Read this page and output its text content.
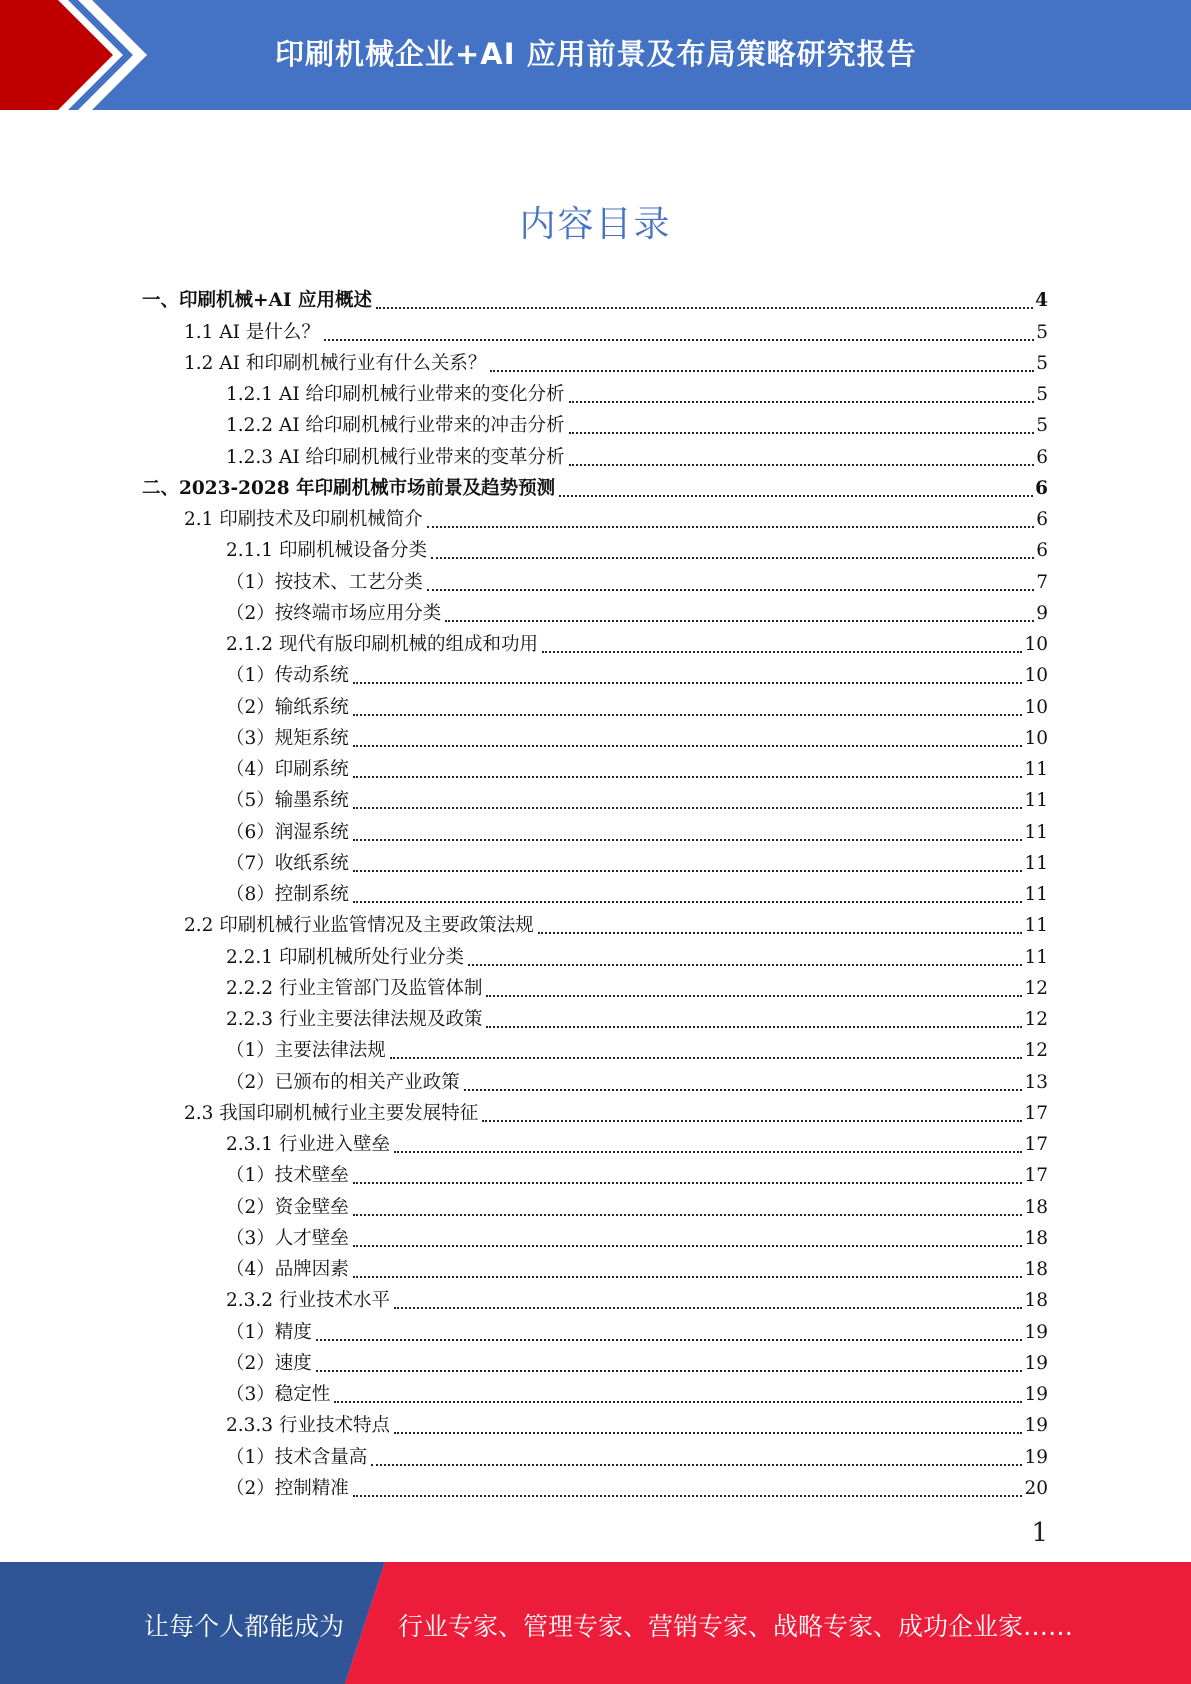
印刷机械企业+AI 应用前景及布局策略研究报告
内容目录
一、印刷机械+AI 应用概述	4
1.1 AI 是什么？	5
1.2 AI 和印刷机械行业有什么关系？	5
1.2.1 AI 给印刷机械行业带来的变化分析	5
1.2.2 AI 给印刷机械行业带来的冲击分析	5
1.2.3 AI 给印刷机械行业带来的变革分析	6
二、2023-2028 年印刷机械市场前景及趋势预测	6
2.1 印刷技术及印刷机械简介	6
2.1.1 印刷机械设备分类	6
（1）按技术、工艺分类	7
（2）按终端市场应用分类	9
2.1.2 现代有版印刷机械的组成和功用	10
（1）传动系统	10
（2）输纸系统	10
（3）规矩系统	10
（4）印刷系统	11
（5）输墨系统	11
（6）润湿系统	11
（7）收纸系统	11
（8）控制系统	11
2.2 印刷机械行业监管情况及主要政策法规	11
2.2.1 印刷机械所处行业分类	11
2.2.2 行业主管部门及监管体制	12
2.2.3 行业主要法律法规及政策	12
（1）主要法律法规	12
（2）已颁布的相关产业政策	13
2.3 我国印刷机械行业主要发展特征	17
2.3.1 行业进入壁垒	17
（1）技术壁垒	17
（2）资金壁垒	18
（3）人才壁垒	18
（4）品牌因素	18
2.3.2 行业技术水平	18
（1）精度	19
（2）速度	19
（3）稳定性	19
2.3.3 行业技术特点	19
（1）技术含量高	19
（2）控制精准	20
1
让每个人都能成为 行业专家、管理专家、营销专家、战略专家、成功企业家……
